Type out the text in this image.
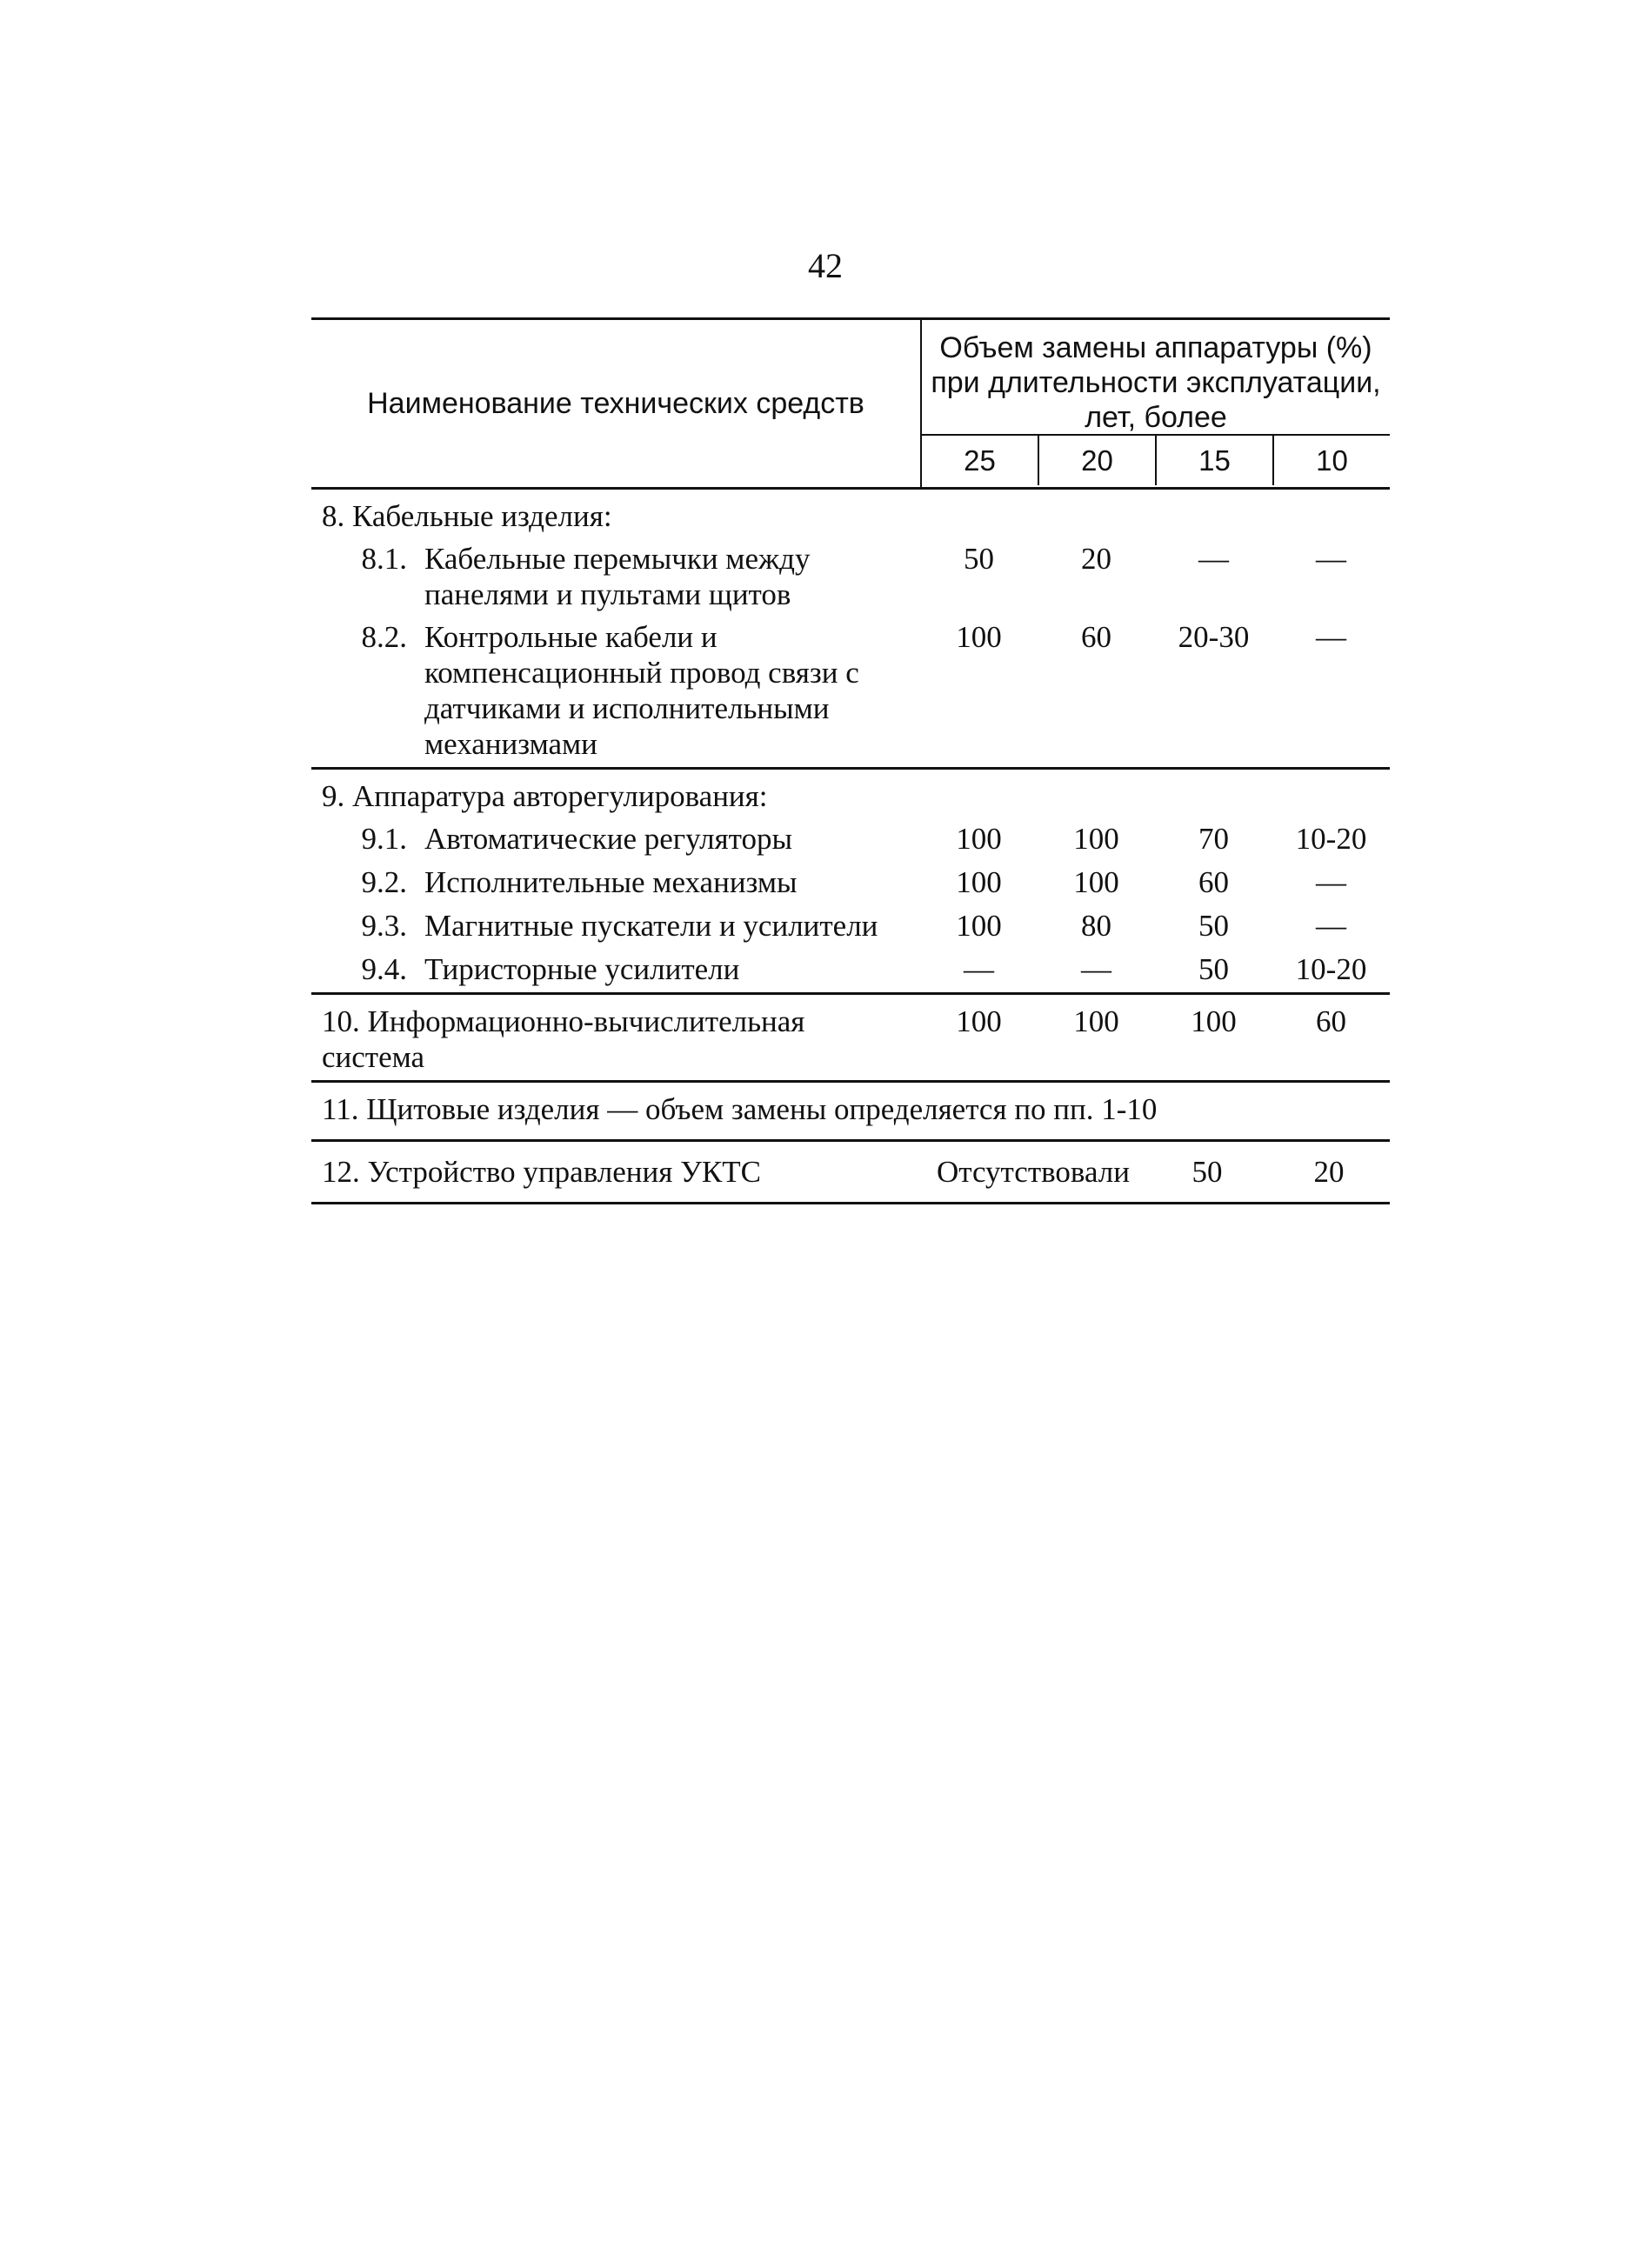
42
Наименование технических средств
Объем замены аппаратуры (%)
при длительности эксплуатации,
лет, более
25	20	15	10
8. Кабельные изделия:
8.1. Кабельные перемычки между
панелями и пультами щитов
50	20	—	—
8.2. Контрольные кабели и
компенсационный провод связи с
датчиками и исполнительными
механизмами
100	60	20-30	—
9. Аппаратура авторегулирования:
9.1. Автоматические регуляторы	100	100	70	10-20
9.2. Исполнительные механизмы	100	100	60	—
9.3. Магнитные пускатели и усилители	100	80	50	—
9.4. Тиристорные усилители	—	—	50	10-20
10. Информационно-вычислительная
система
100	100	100	60
11. Щитовые изделия — объем замены определяется по пп. 1-10
12. Устройство управления УКТС	Отсутствовали	50	20
